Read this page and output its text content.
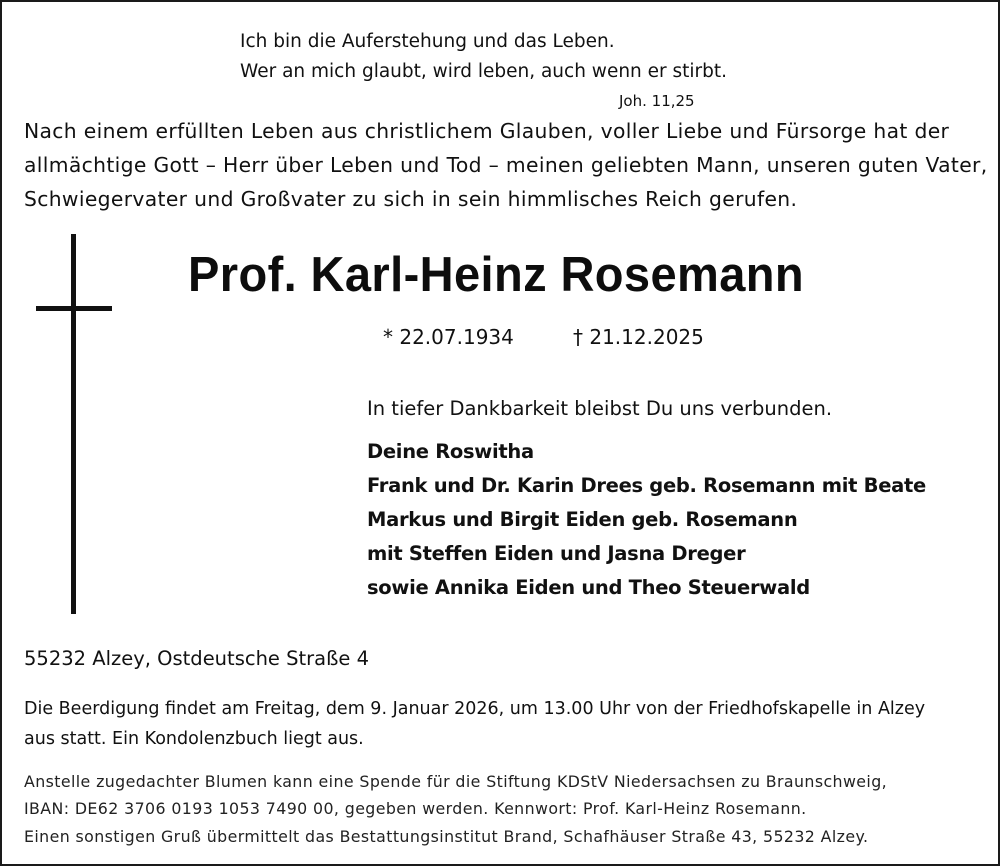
Ich bin die Auferstehung und das Leben.

Wer an mich glaubt, wird leben, auch wenn er stirbt.

Joh. 11,25

Nach einem erfüllten Leben aus christlichem Glauben, voller Liebe und Fürsorge hat der

allmächtige Gott – Herr über Leben und Tod – meinen geliebten Mann, unseren guten Vater,

Schwiegervater und Großvater zu sich in sein himmlisches Reich gerufen.

Prof. Karl-Heinz Rosemann

* 22.07.1934	† 21.12.2025

In tiefer Dankbarkeit bleibst Du uns verbunden.

Deine Roswitha

Frank und Dr. Karin Drees geb. Rosemann mit Beate

Markus und Birgit Eiden geb. Rosemann

mit Steffen Eiden und Jasna Dreger

sowie Annika Eiden und Theo Steuerwald

55232 Alzey, Ostdeutsche Straße 4

Die Beerdigung findet am Freitag, dem 9. Januar 2026, um 13.00 Uhr von der Friedhofskapelle in Alzey

aus statt. Ein Kondolenzbuch liegt aus.

Anstelle zugedachter Blumen kann eine Spende für die Stiftung KDStV Niedersachsen zu Braunschweig,

IBAN: DE62 3706 0193 1053 7490 00, gegeben werden. Kennwort: Prof. Karl-Heinz Rosemann.

Einen sonstigen Gruß übermittelt das Bestattungsinstitut Brand, Schafhäuser Straße 43, 55232 Alzey.
